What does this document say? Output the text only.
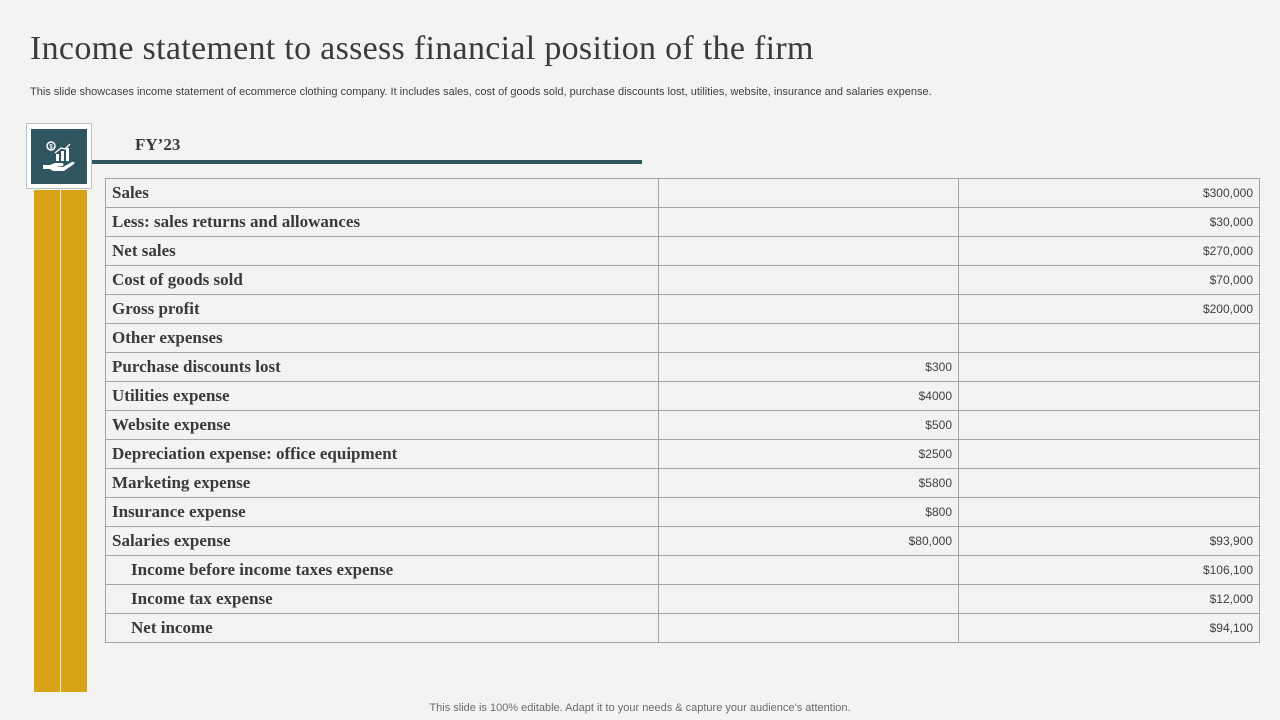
Income statement to assess financial position of the firm
This slide showcases income statement of ecommerce clothing company. It includes sales, cost of goods sold, purchase discounts lost, utilities, website, insurance and salaries expense.
$	FY’23
Sales		$300,000
Less: sales returns and allowances		$30,000
Net sales		$270,000
Cost of goods sold		$70,000
Gross profit		$200,000
Other expenses		
Purchase discounts lost	$300	
Utilities expense	$4000	
Website expense	$500	
Depreciation expense: office equipment	$2500	
Marketing expense	$5800	
Insurance expense	$800	
Salaries expense	$80,000	$93,900
Income before income taxes expense		$106,100
Income tax expense		$12,000
Net income		$94,100
This slide is 100% editable. Adapt it to your needs & capture your audience’s attention.
